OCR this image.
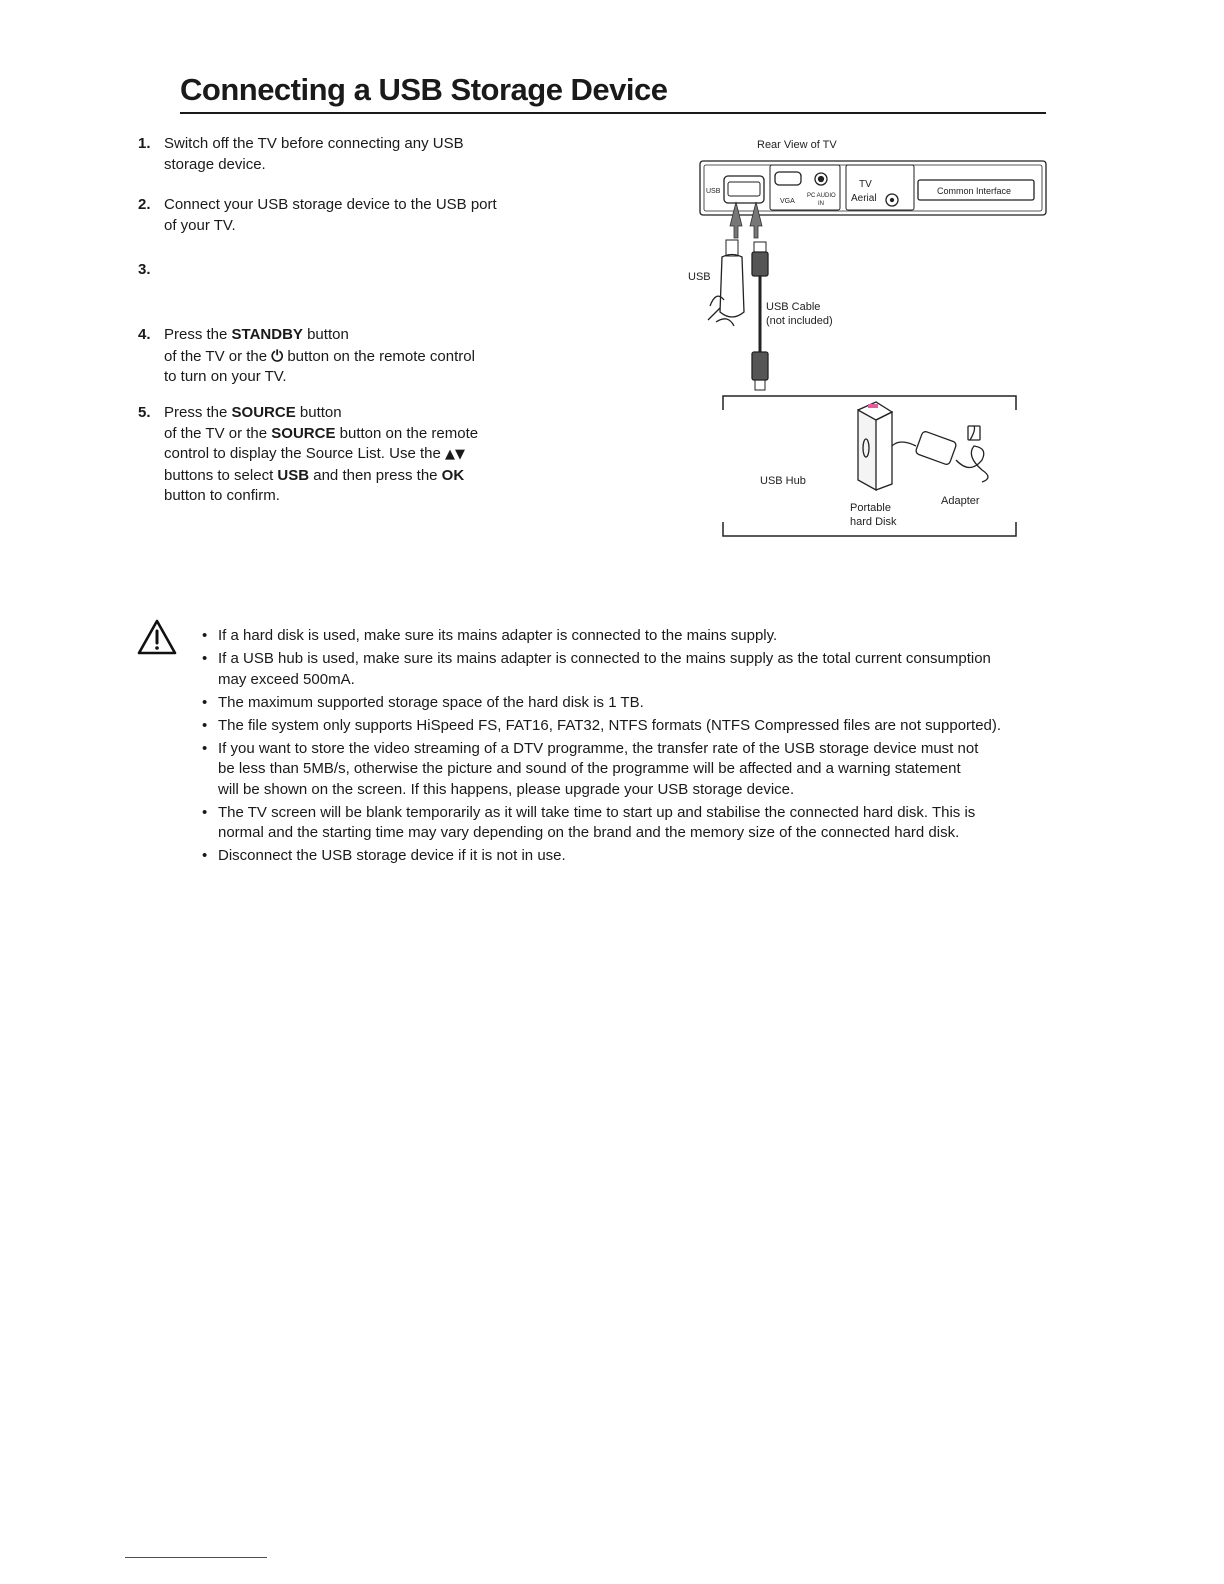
Connecting a USB Storage Device
1. Switch off the TV before connecting any USB
storage device.
2. Connect your USB storage device to the USB port
of your TV.
3.
4. Press the STANDBY button
of the TV or the ⏻ button on the remote control
to turn on your TV.
5. Press the SOURCE button
of the TV or the SOURCE button on the remote
control to display the Source List. Use the ▲▼
buttons to select USB and then press the OK
button to confirm.
Rear View of TV
USB
VGA
PC AUDIO
IN
TV
Aerial
Common Interface
USB
USB Cable
(not included)
USB Hub
Portable
hard Disk
Adapter
• If a hard disk is used, make sure its mains adapter is connected to the mains supply.
• If a USB hub is used, make sure its mains adapter is connected to the mains supply as the total current consumption
may exceed 500mA.
• The maximum supported storage space of the hard disk is 1 TB.
• The file system only supports HiSpeed FS, FAT16, FAT32, NTFS formats (NTFS Compressed files are not supported).
• If you want to store the video streaming of a DTV programme, the transfer rate of the USB storage device must not
be less than 5MB/s, otherwise the picture and sound of the programme will be affected and a warning statement
will be shown on the screen. If this happens, please upgrade your USB storage device.
• The TV screen will be blank temporarily as it will take time to start up and stabilise the connected hard disk. This is
normal and the starting time may vary depending on the brand and the memory size of the connected hard disk.
• Disconnect the USB storage device if it is not in use.
